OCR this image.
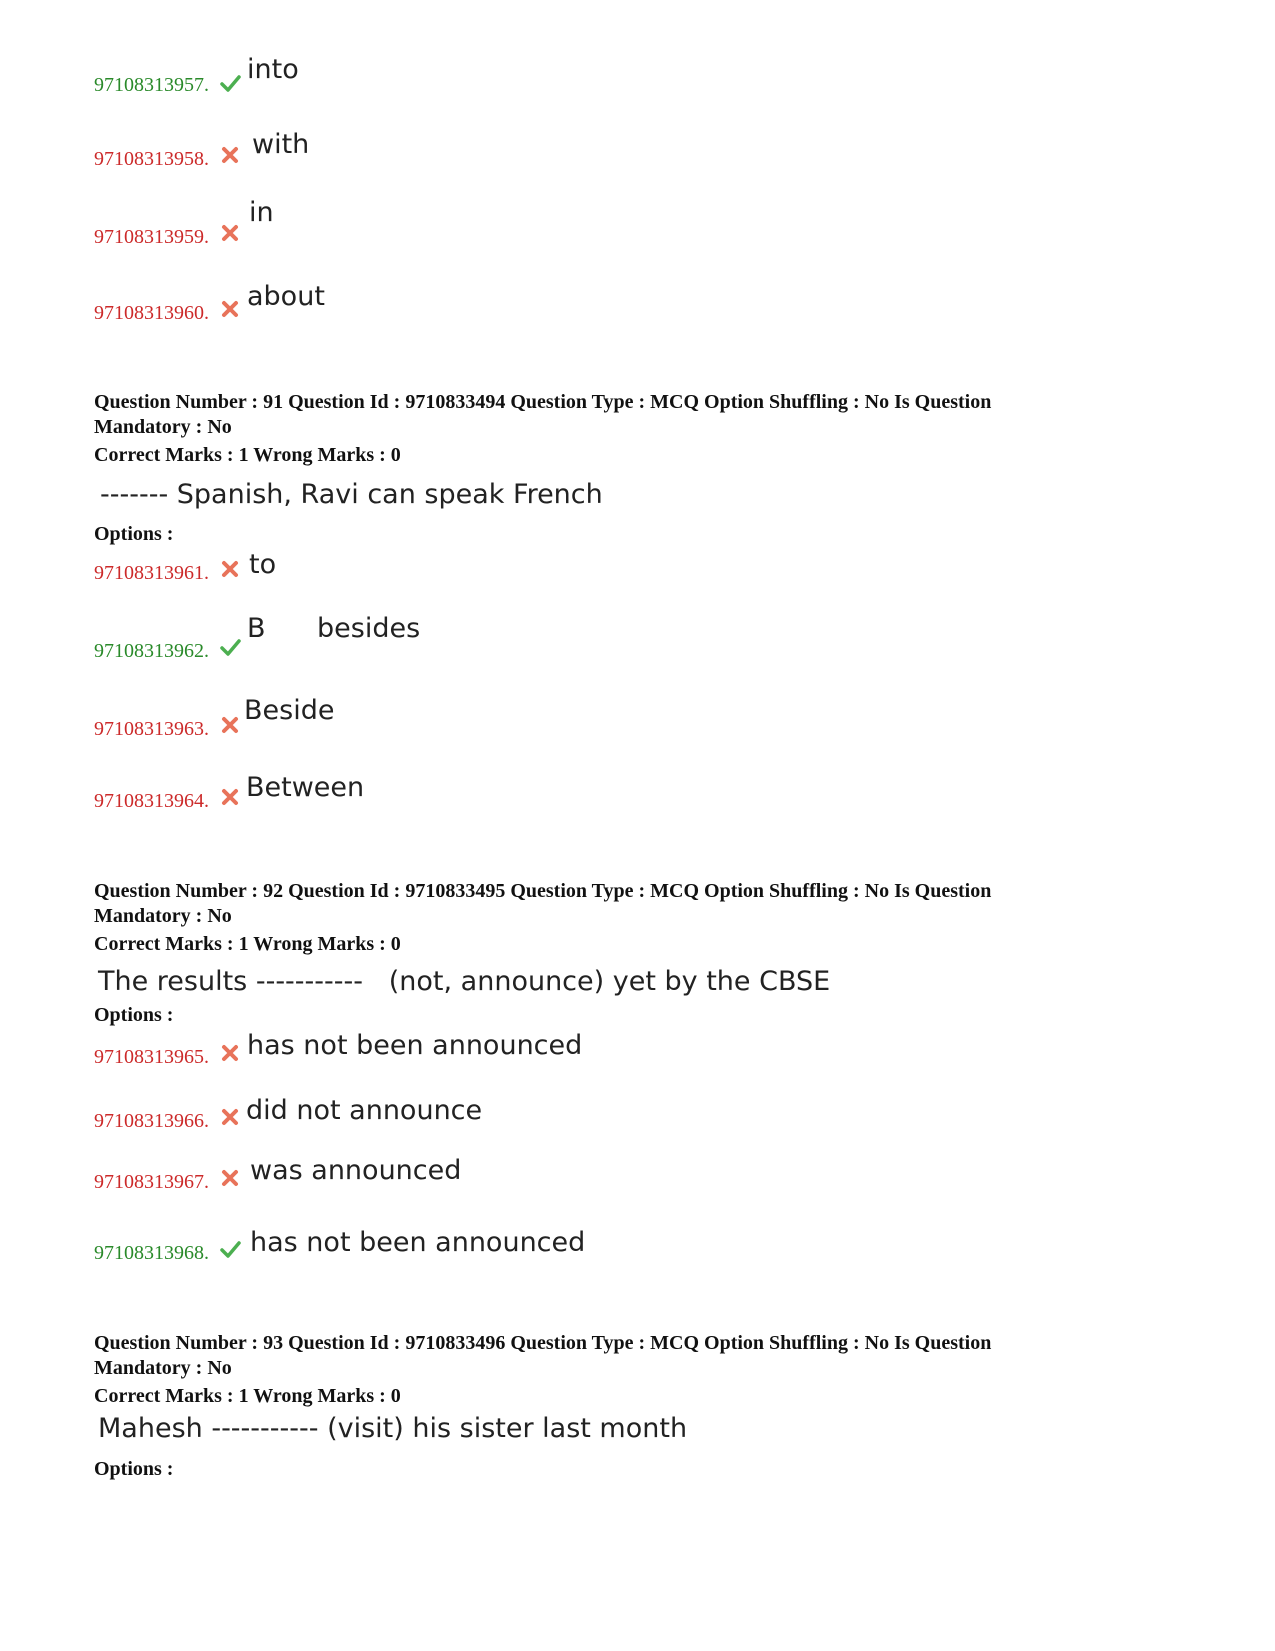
97108313957. into
97108313958. with
97108313959.
in
97108313960.
about
Question Number : 91 Question Id : 9710833494 Question Type : MCQ Option Shuffling : No Is Question
Mandatory : No
Correct Marks : 1 Wrong Marks : 0
------- Spanish, Ravi can speak French
Options :
97108313961. to
97108313962.
B      besides
97108313963.
Beside
97108313964. Between
Question Number : 92 Question Id : 9710833495 Question Type : MCQ Option Shuffling : No Is Question
Mandatory : No
Correct Marks : 1 Wrong Marks : 0
The results -----------   (not, announce) yet by the CBSE
Options :
97108313965. has not been announced
97108313966. did not announce
97108313967. was announced
97108313968. has not been announced
Question Number : 93 Question Id : 9710833496 Question Type : MCQ Option Shuffling : No Is Question
Mandatory : No
Correct Marks : 1 Wrong Marks : 0
Mahesh ----------- (visit) his sister last month
Options :
